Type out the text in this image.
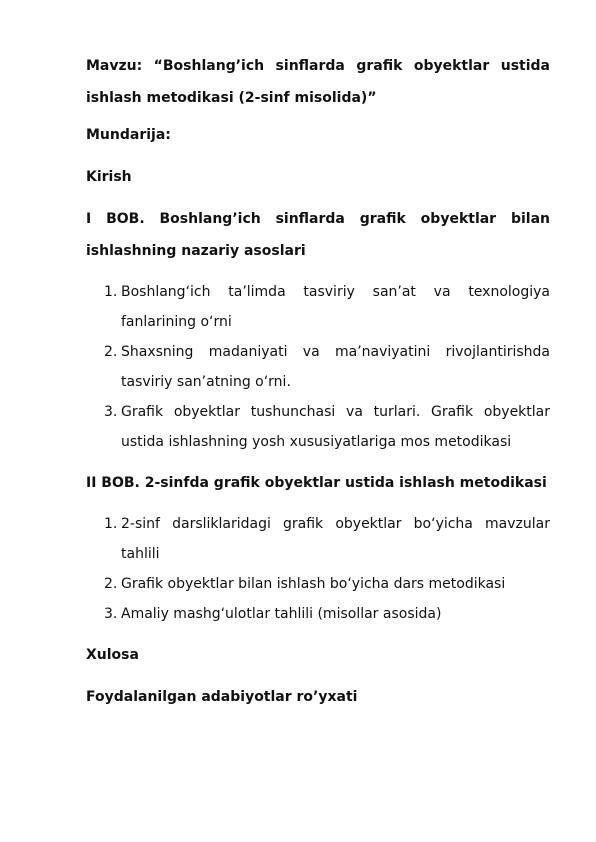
Mavzu: “Boshlang’ich sinflarda grafik obyektlar ustida ishlash metodikasi (2-sinf misolida)”
Mundarija:
Kirish
I BOB. Boshlang’ich sinflarda grafik obyektlar bilan ishlashning nazariy asoslari
1. Boshlang‘ich ta’limda tasviriy san’at va texnologiya fanlarining o‘rni
2. Shaxsning madaniyati va ma’naviyatini rivojlantirishda tasviriy san’atning o‘rni.
3. Grafik obyektlar tushunchasi va turlari. Grafik obyektlar ustida ishlashning yosh xususiyatlariga mos metodikasi
II BOB. 2-sinfda grafik obyektlar ustida ishlash metodikasi
1. 2-sinf darsliklaridagi grafik obyektlar bo‘yicha mavzular tahlili
2. Grafik obyektlar bilan ishlash bo‘yicha dars metodikasi
3. Amaliy mashg‘ulotlar tahlili (misollar asosida)
Xulosa
Foydalanilgan adabiyotlar ro’yxati
